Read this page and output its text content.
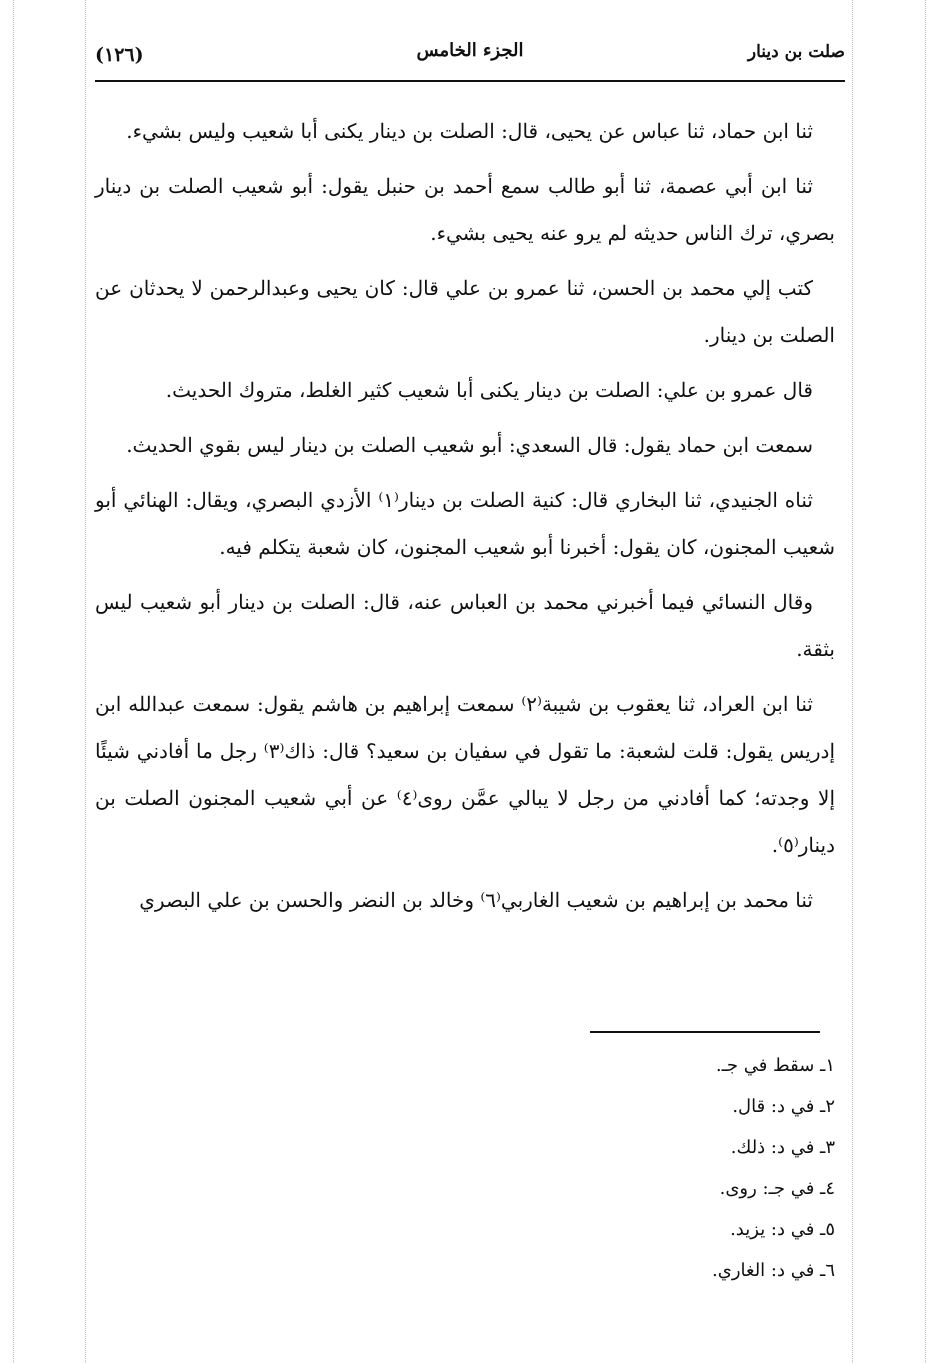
صلت بن دينار
الجزء الخامس
(١٢٦)

ثنا ابن حماد، ثنا عباس عن يحيى، قال: الصلت بن دينار يكنى أبا شعيب وليس بشيء.

ثنا ابن أبي عصمة، ثنا أبو طالب سمع أحمد بن حنبل يقول: أبو شعيب الصلت بن دينار بصري، ترك الناس حديثه لم يرو عنه يحيى بشيء.

كتب إلي محمد بن الحسن، ثنا عمرو بن علي قال: كان يحيى وعبدالرحمن لا يحدثان عن الصلت بن دينار.

قال عمرو بن علي: الصلت بن دينار يكنى أبا شعيب كثير الغلط، متروك الحديث.

سمعت ابن حماد يقول: قال السعدي: أبو شعيب الصلت بن دينار ليس بقوي الحديث.

ثناه الجنيدي، ثنا البخاري قال: كنية الصلت بن دينار⁽١⁾ الأزدي البصري، ويقال: الهنائي أبو شعيب المجنون، كان يقول: أخبرنا أبو شعيب المجنون، كان شعبة يتكلم فيه.

وقال النسائي فيما أخبرني محمد بن العباس عنه، قال: الصلت بن دينار أبو شعيب ليس بثقة.

ثنا ابن العراد، ثنا يعقوب بن شيبة⁽٢⁾ سمعت إبراهيم بن هاشم يقول: سمعت عبدالله ابن إدريس يقول: قلت لشعبة: ما تقول في سفيان بن سعيد؟ قال: ذاك⁽٣⁾ رجل ما أفادني شيئًا إلا وجدته؛ كما أفادني من رجل لا يبالي عمَّن روى⁽٤⁾ عن أبي شعيب المجنون الصلت بن دينار⁽٥⁾.

ثنا محمد بن إبراهيم بن شعيب الغاربي⁽٦⁾ وخالد بن النضر والحسن بن علي البصري

١ـ سقط في جـ.
٢ـ في د: قال.
٣ـ في د: ذلك.
٤ـ في جـ: روى.
٥ـ في د: يزيد.
٦ـ في د: الغاري.
